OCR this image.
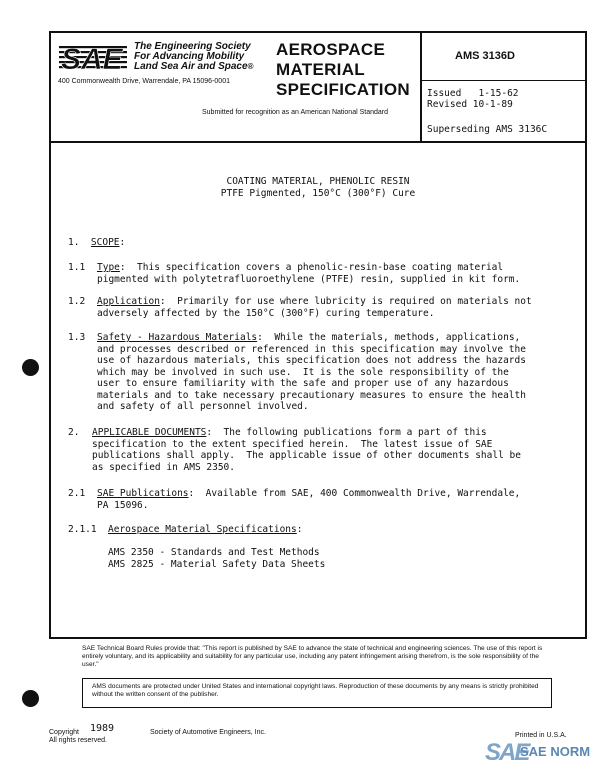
SAE The Engineering Society
For Advancing Mobility
Land Sea Air and Space®
400 Commonwealth Drive, Warrendale, PA 15096-0001
AEROSPACE
MATERIAL
SPECIFICATION
Submitted for recognition as an American National Standard
AMS 3136D
Issued   1-15-62
Revised 10-1-89
Superseding AMS 3136C
COATING MATERIAL, PHENOLIC RESIN
PTFE Pigmented, 150°C (300°F) Cure
1. SCOPE:
1.1 Type:  This specification covers a phenolic-resin-base coating material
pigmented with polytetrafluoroethylene (PTFE) resin, supplied in kit form.
1.2 Application:  Primarily for use where lubricity is required on materials not
adversely affected by the 150°C (300°F) curing temperature.
1.3 Safety - Hazardous Materials:  While the materials, methods, applications,
and processes described or referenced in this specification may involve the
use of hazardous materials, this specification does not address the hazards
which may be involved in such use.  It is the sole responsibility of the
user to ensure familiarity with the safe and proper use of any hazardous
materials and to take necessary precautionary measures to ensure the health
and safety of all personnel involved.
2. APPLICABLE DOCUMENTS:  The following publications form a part of this
specification to the extent specified herein.  The latest issue of SAE
publications shall apply.  The applicable issue of other documents shall be
as specified in AMS 2350.
2.1 SAE Publications:  Available from SAE, 400 Commonwealth Drive, Warrendale,
PA 15096.
2.1.1 Aerospace Material Specifications:
AMS 2350 - Standards and Test Methods
AMS 2825 - Material Safety Data Sheets
SAE Technical Board Rules provide that: "This report is published by SAE to advance the state of technical and engineering sciences. The use of this report is entirely voluntary, and its applicability and suitability for any particular use, including any patent infringement arising therefrom, is the sole responsibility of the user."
AMS documents are protected under United States and international copyright laws. Reproduction of these documents by any means is strictly prohibited without the written consent of the publisher.
Copyright 1989
All rights reserved.
Society of Automotive Engineers, Inc.	Printed in U.S.A.
SAE
SAE NORM
